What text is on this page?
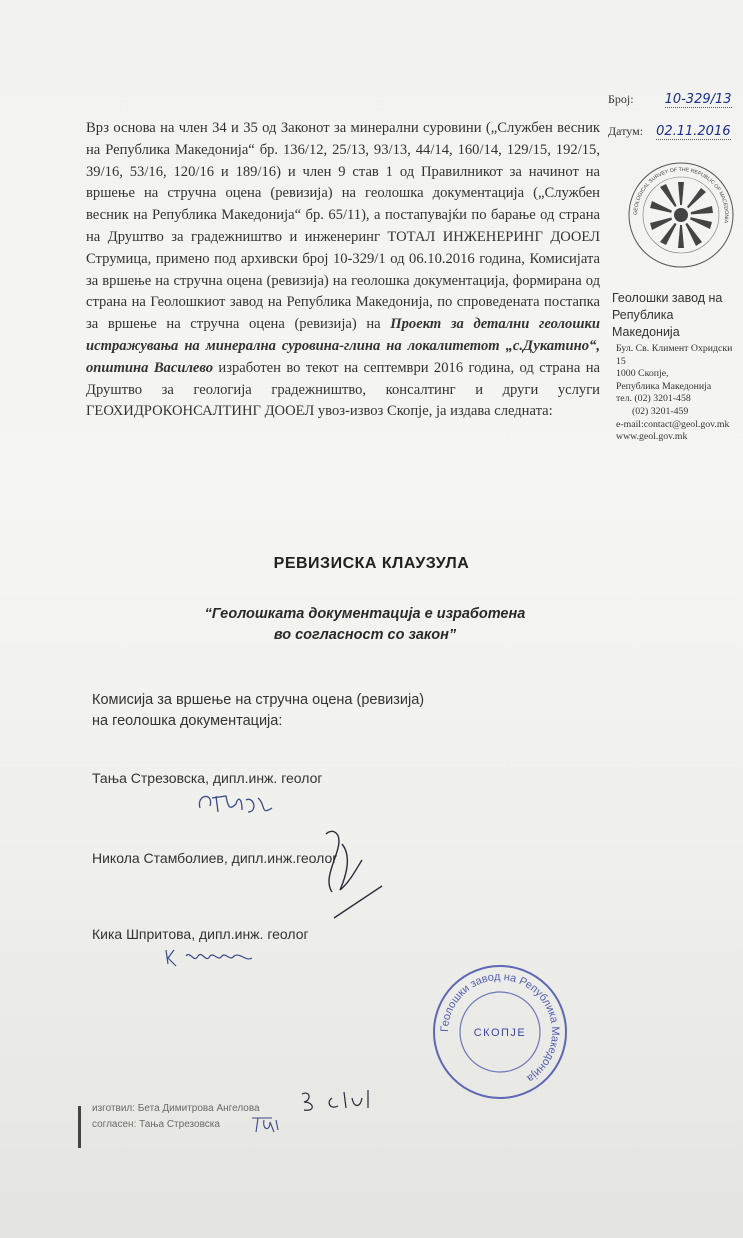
Број: 10-329/13
Датум: 02.11.2016
Врз основа на член 34 и 35 од Законот за минерални суровини („Службен весник на Република Македонија“ бр. 136/12, 25/13, 93/13, 44/14, 160/14, 129/15, 192/15, 39/16, 53/16, 120/16 и 189/16) и член 9 став 1 од Правилникот за начинот на вршење на стручна оцена (ревизија) на геолошка документација („Службен весник на Република Македонија“ бр. 65/11), а постапувајќи по барање од страна на Друштво за градежништво и инженеринг ТОТАЛ ИНЖЕНЕРИНГ ДООЕЛ Струмица, примено под архивски број 10-329/1 од 06.10.2016 година, Комисијата за вршење на стручна оцена (ревизија) на геолошка документација, формирана од страна на Геолошкиот завод на Република Македонија, по спроведената постапка за вршење на стручна оцена (ревизија) на Проект за детални геолошки истражувања на минерална суровина-глина на локалитетот „с.Дукатино“, општина Василево изработен во текот на септември 2016 година, од страна на Друштво за геологија градежништво, консалтинг и други услуги ГЕОХИДРОКОНСАЛТИНГ ДООЕЛ увоз-извоз Скопје, ја издава следната:
GEOLOGICAL SURVEY OF THE REPUBLIC OF MACEDONIA
Геолошки завод на Република Македонија
Бул. Св. Климент Охридски
15
1000 Скопје,
Република Македонија
тел. (02) 3201-458
(02) 3201-459
e-mail:contact@geol.gov.mk
www.geol.gov.mk
РЕВИЗИСКА КЛАУЗУЛА
“Геолошката документација е изработена
во согласност со закон”
Комисија за вршење на стручна оцена (ревизија)
на геолошка документација:
Тања Стрезовска, дипл.инж. геолог
Никола Стамболиев, дипл.инж.геолог
Кика Шпритова, дипл.инж. геолог
Геолошки завод на Република Македонија
СКОПЈЕ
изготвил: Бета Димитрова Ангелова
согласен: Тања Стрезовска
